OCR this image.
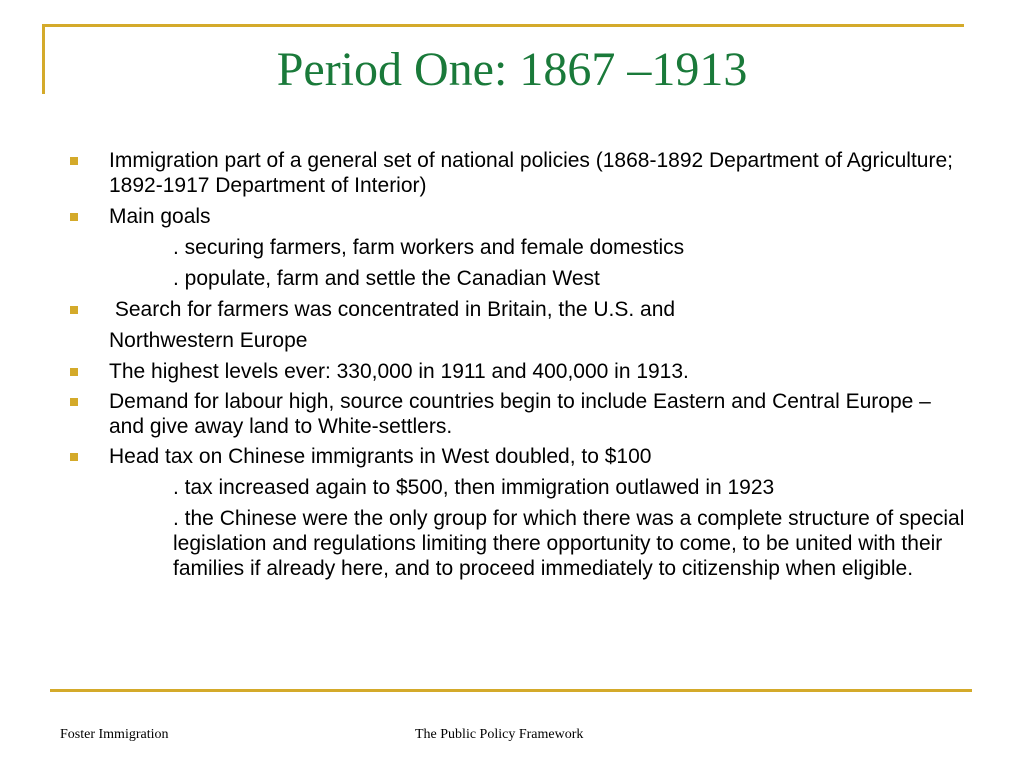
Period One: 1867 –1913
Immigration part of a general set of national policies (1868-1892 Department of Agriculture; 1892-1917 Department of Interior)
Main goals
. securing farmers, farm workers and female domestics
. populate, farm and settle the Canadian West
Search for farmers was concentrated in Britain, the U.S. and
Northwestern Europe
The highest levels ever: 330,000 in 1911 and 400,000 in 1913.
Demand for labour high, source countries begin to include Eastern and Central Europe – and give away land to White-settlers.
Head tax on Chinese immigrants in West doubled, to $100
. tax increased again to $500, then immigration outlawed in 1923
. the Chinese were the only group for which there was a complete structure of special legislation and regulations limiting there opportunity to come, to be united with their families if already here, and to proceed immediately to citizenship when eligible.
Foster Immigration	The Public Policy Framework
